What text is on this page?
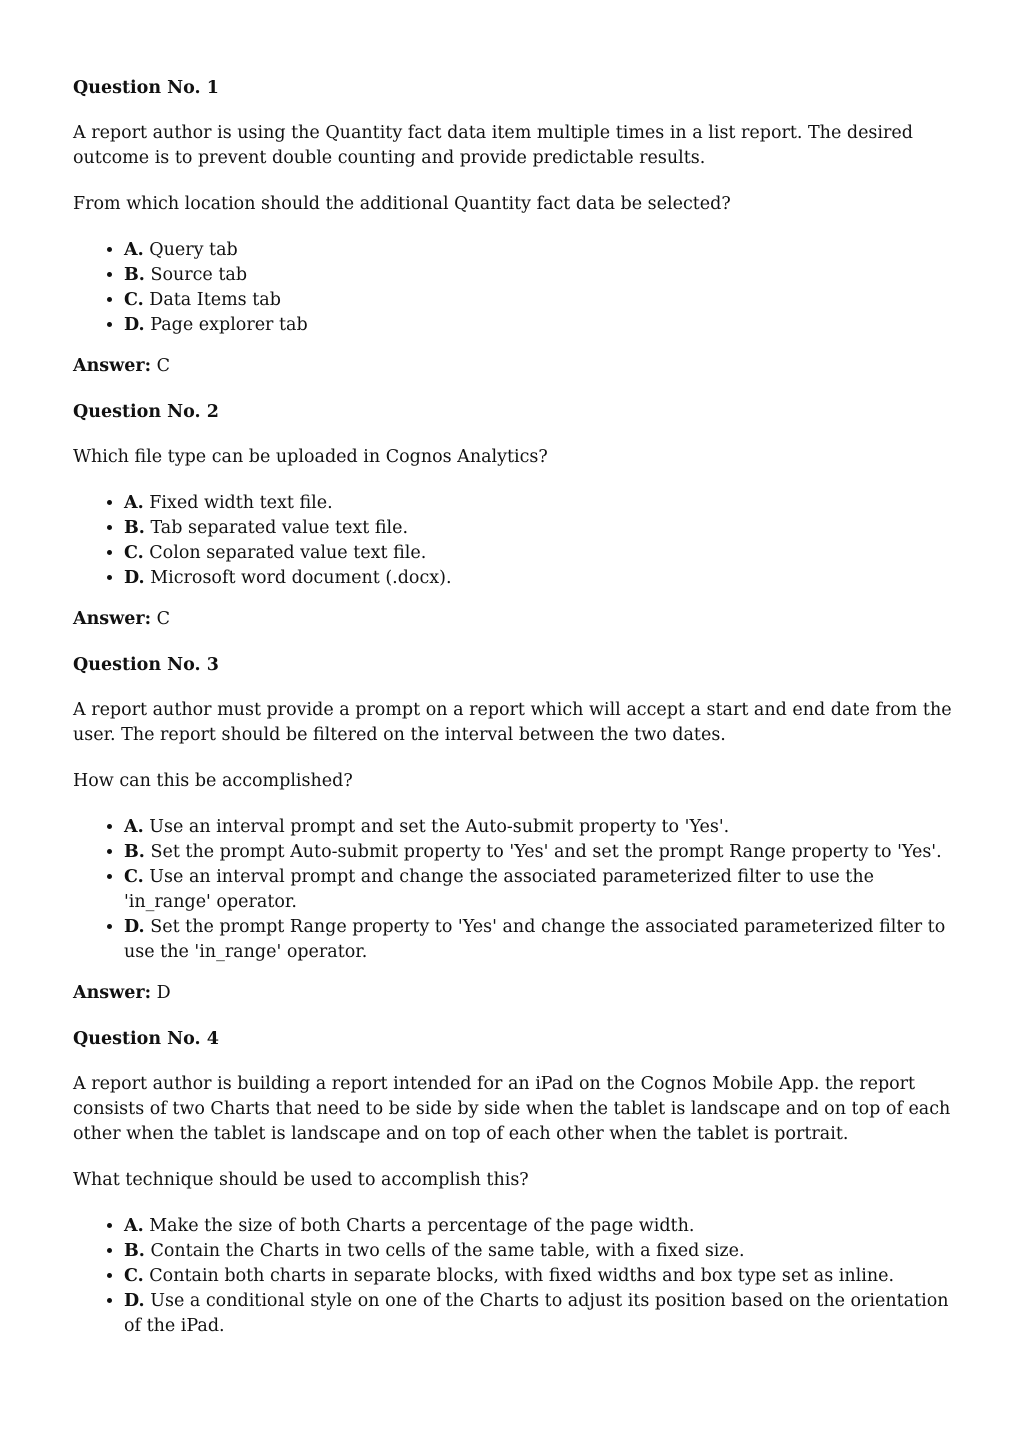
Question No. 1

A report author is using the Quantity fact data item multiple times in a list report. The desired outcome is to prevent double counting and provide predictable results.

From which location should the additional Quantity fact data be selected?

• A. Query tab
• B. Source tab
• C. Data Items tab
• D. Page explorer tab

Answer: C

Question No. 2

Which file type can be uploaded in Cognos Analytics?

• A. Fixed width text file.
• B. Tab separated value text file.
• C. Colon separated value text file.
• D. Microsoft word document (.docx).

Answer: C

Question No. 3

A report author must provide a prompt on a report which will accept a start and end date from the user. The report should be filtered on the interval between the two dates.

How can this be accomplished?

• A. Use an interval prompt and set the Auto-submit property to 'Yes'.
• B. Set the prompt Auto-submit property to 'Yes' and set the prompt Range property to 'Yes'.
• C. Use an interval prompt and change the associated parameterized filter to use the 'in_range' operator.
• D. Set the prompt Range property to 'Yes' and change the associated parameterized filter to use the 'in_range' operator.

Answer: D

Question No. 4

A report author is building a report intended for an iPad on the Cognos Mobile App. the report consists of two Charts that need to be side by side when the tablet is landscape and on top of each other when the tablet is landscape and on top of each other when the tablet is portrait.

What technique should be used to accomplish this?

• A. Make the size of both Charts a percentage of the page width.
• B. Contain the Charts in two cells of the same table, with a fixed size.
• C. Contain both charts in separate blocks, with fixed widths and box type set as inline.
• D. Use a conditional style on one of the Charts to adjust its position based on the orientation of the iPad.
